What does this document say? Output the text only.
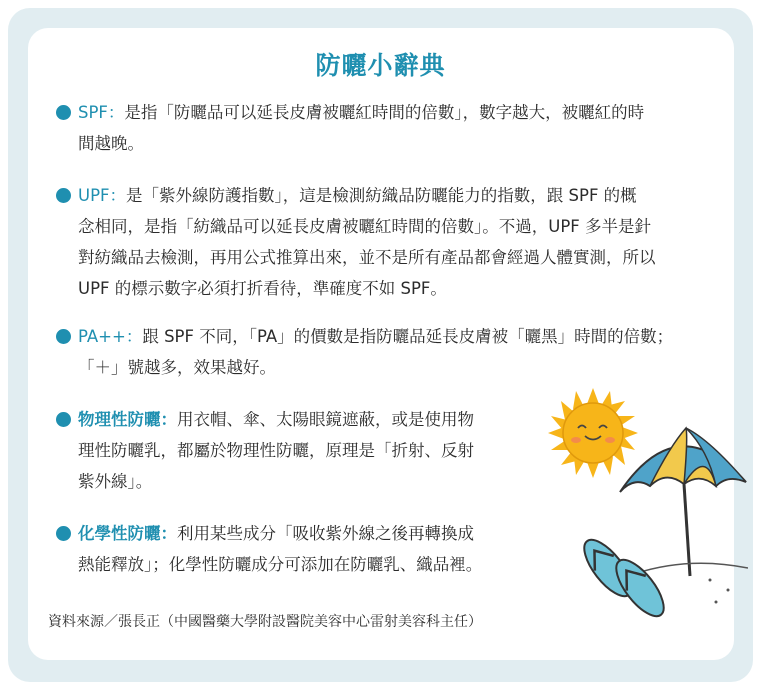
防曬小辭典
SPF：是指「防曬品可以延長皮膚被曬紅時間的倍數」，數字越大，被曬紅的時
間越晚。
UPF：是「紫外線防護指數」，這是檢測紡織品防曬能力的指數，跟 SPF 的概
念相同，是指「紡織品可以延長皮膚被曬紅時間的倍數」。不過，UPF 多半是針
對紡織品去檢測，再用公式推算出來，並不是所有產品都會經過人體實測，所以
UPF 的標示數字必須打折看待，準確度不如 SPF。
PA++：跟 SPF 不同，「PA」的價數是指防曬品延長皮膚被「曬黑」時間的倍數；
「＋」號越多，效果越好。
物理性防曬：用衣帽、傘、太陽眼鏡遮蔽，或是使用物
理性防曬乳，都屬於物理性防曬，原理是「折射、反射
紫外線」。
化學性防曬：利用某些成分「吸收紫外線之後再轉換成
熱能釋放」；化學性防曬成分可添加在防曬乳、織品裡。
資料來源／張長正（中國醫藥大學附設醫院美容中心雷射美容科主任）
